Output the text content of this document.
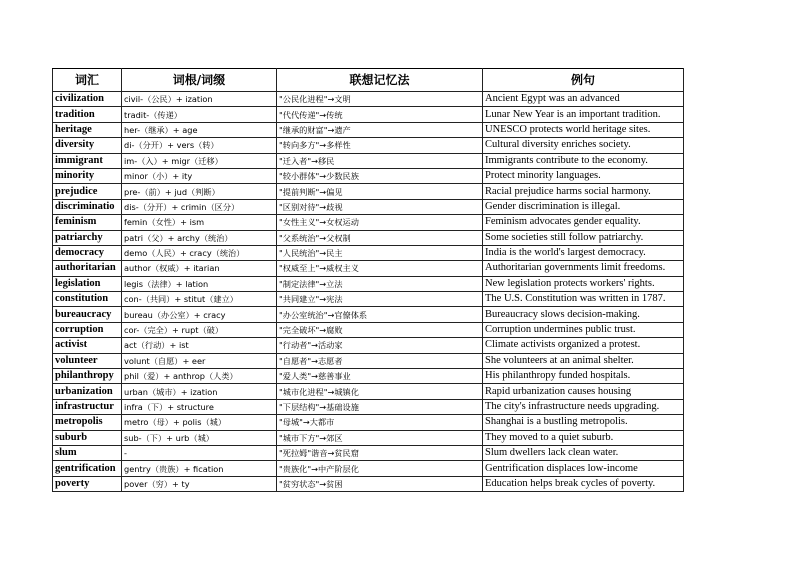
词汇	词根/词缀	联想记忆法	例句
civilization	civil-（公民）+ ization	"公民化进程"→文明	Ancient Egypt was an advanced
tradition	tradit-（传递）	"代代传递"→传统	Lunar New Year is an important tradition.
heritage	her-（继承）+ age	"继承的财富"→遗产	UNESCO protects world heritage sites.
diversity	di-（分开）+ vers（转）	"转向多方"→多样性	Cultural diversity enriches society.
immigrant	im-（入）+ migr（迁移）	"迁入者"→移民	Immigrants contribute to the economy.
minority	minor（小）+ ity	"较小群体"→少数民族	Protect minority languages.
prejudice	pre-（前）+ jud（判断）	"提前判断"→偏见	Racial prejudice harms social harmony.
discriminatio	dis-（分开）+ crimin（区分）	"区别对待"→歧视	Gender discrimination is illegal.
feminism	femin（女性）+ ism	"女性主义"→女权运动	Feminism advocates gender equality.
patriarchy	patri（父）+ archy（统治）	"父系统治"→父权制	Some societies still follow patriarchy.
democracy	demo（人民）+ cracy（统治）	"人民统治"→民主	India is the world's largest democracy.
authoritarian	author（权威）+ itarian	"权威至上"→威权主义	Authoritarian governments limit freedoms.
legislation	legis（法律）+ lation	"制定法律"→立法	New legislation protects workers' rights.
constitution	con-（共同）+ stitut（建立）	"共同建立"→宪法	The U.S. Constitution was written in 1787.
bureaucracy	bureau（办公室）+ cracy	"办公室统治"→官僚体系	Bureaucracy slows decision-making.
corruption	cor-（完全）+ rupt（破）	"完全破坏"→腐败	Corruption undermines public trust.
activist	act（行动）+ ist	"行动者"→活动家	Climate activists organized a protest.
volunteer	volunt（自愿）+ eer	"自愿者"→志愿者	She volunteers at an animal shelter.
philanthropy	phil（爱）+ anthrop（人类）	"爱人类"→慈善事业	His philanthropy funded hospitals.
urbanization	urban（城市）+ ization	"城市化进程"→城镇化	Rapid urbanization causes housing
infrastructur	infra（下）+ structure	"下层结构"→基础设施	The city's infrastructure needs upgrading.
metropolis	metro（母）+ polis（城）	"母城"→大都市	Shanghai is a bustling metropolis.
suburb	sub-（下）+ urb（城）	"城市下方"→郊区	They moved to a quiet suburb.
slum	-	"死拉姆"谐音→贫民窟	Slum dwellers lack clean water.
gentrification	gentry（贵族）+ fication	"贵族化"→中产阶层化	Gentrification displaces low-income
poverty	pover（穷）+ ty	"贫穷状态"→贫困	Education helps break cycles of poverty.
